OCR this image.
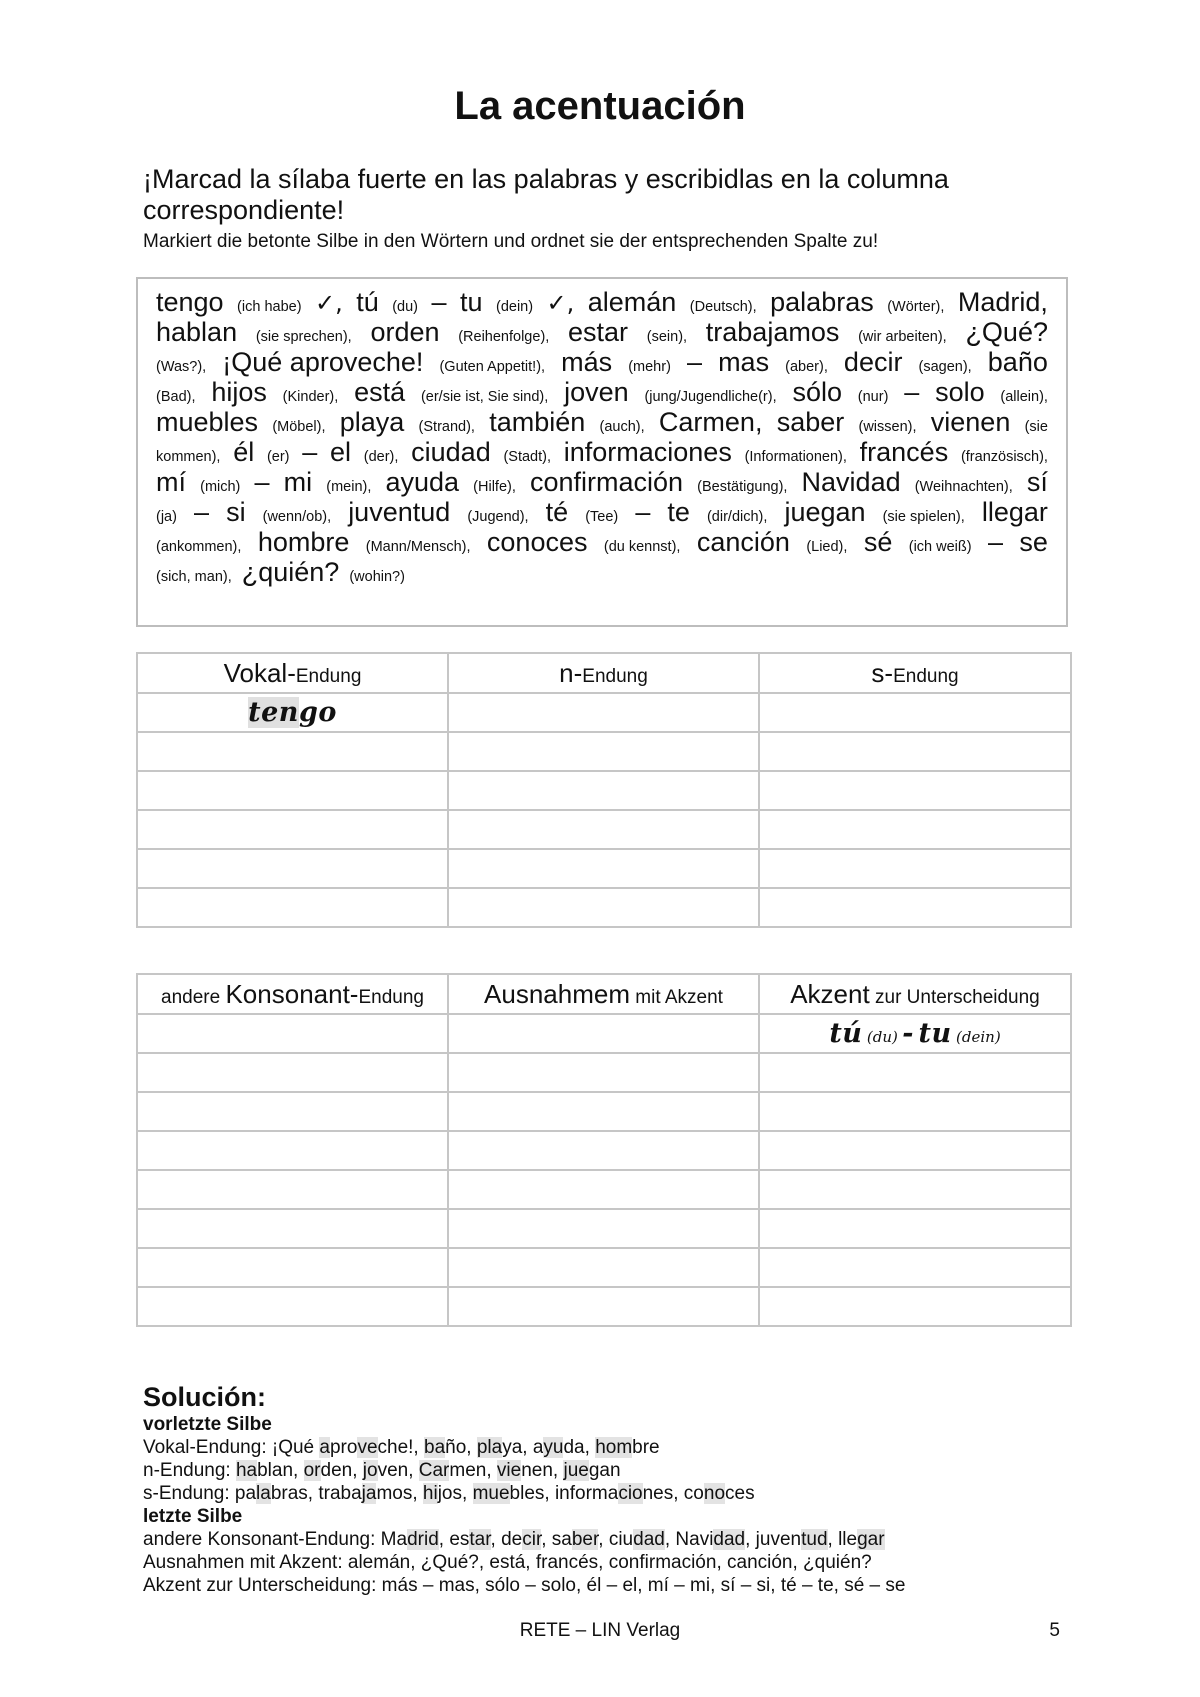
La acentuación

¡Marcad la sílaba fuerte en las palabras y escribidlas en la columna correspondiente!

Markiert die betonte Silbe in den Wörtern und ordnet sie der entsprechenden Spalte zu!

tengo (ich habe) ✓, tú (du) – tu (dein) ✓, alemán (Deutsch), palabras (Wörter), Madrid,
hablan (sie sprechen), orden (Reihenfolge), estar (sein), trabajamos (wir arbeiten), ¿Qué?
(Was?), ¡Qué aproveche! (Guten Appetit!), más (mehr) – mas (aber), decir (sagen), baño
(Bad), hijos (Kinder), está (er/sie ist, Sie sind), joven (jung/Jugendliche(r), sólo (nur) – solo (allein),
muebles (Möbel), playa (Strand), también (auch), Carmen, saber (wissen), vienen (sie
kommen), él (er) – el (der), ciudad (Stadt), informaciones (Informationen), francés (französisch),
mí (mich) – mi (mein), ayuda (Hilfe), confirmación (Bestätigung), Navidad (Weihnachten), sí
(ja) – si (wenn/ob), juventud (Jugend), té (Tee) – te (dir/dich), juegan (sie spielen), llegar
(ankommen), hombre (Mann/Mensch), conoces (du kennst), canción (Lied), sé (ich weiß) – se
(sich, man), ¿quién? (wohin?)
Vokal-Endung	n-Endung	s-Endung
tengo		

andere Konsonant-Endung	Ausnahmem mit Akzent	Akzent zur Unterscheidung
		tú (du) - tu (dein)

Solución:

vorletzte Silbe

Vokal-Endung: ¡Qué aproveche!, baño, playa, ayuda, hombre

n-Endung: hablan, orden, joven, Carmen, vienen, juegan

s-Endung: palabras, trabajamos, hijos, muebles, informaciones, conoces

letzte Silbe

andere Konsonant-Endung: Madrid, estar, decir, saber, ciudad, Navidad, juventud, llegar

Ausnahmen mit Akzent: alemán, ¿Qué?, está, francés, confirmación, canción, ¿quién?

Akzent zur Unterscheidung: más – mas, sólo – solo, él – el, mí – mi, sí – si, té – te, sé – se

RETE – LIN Verlag	5
